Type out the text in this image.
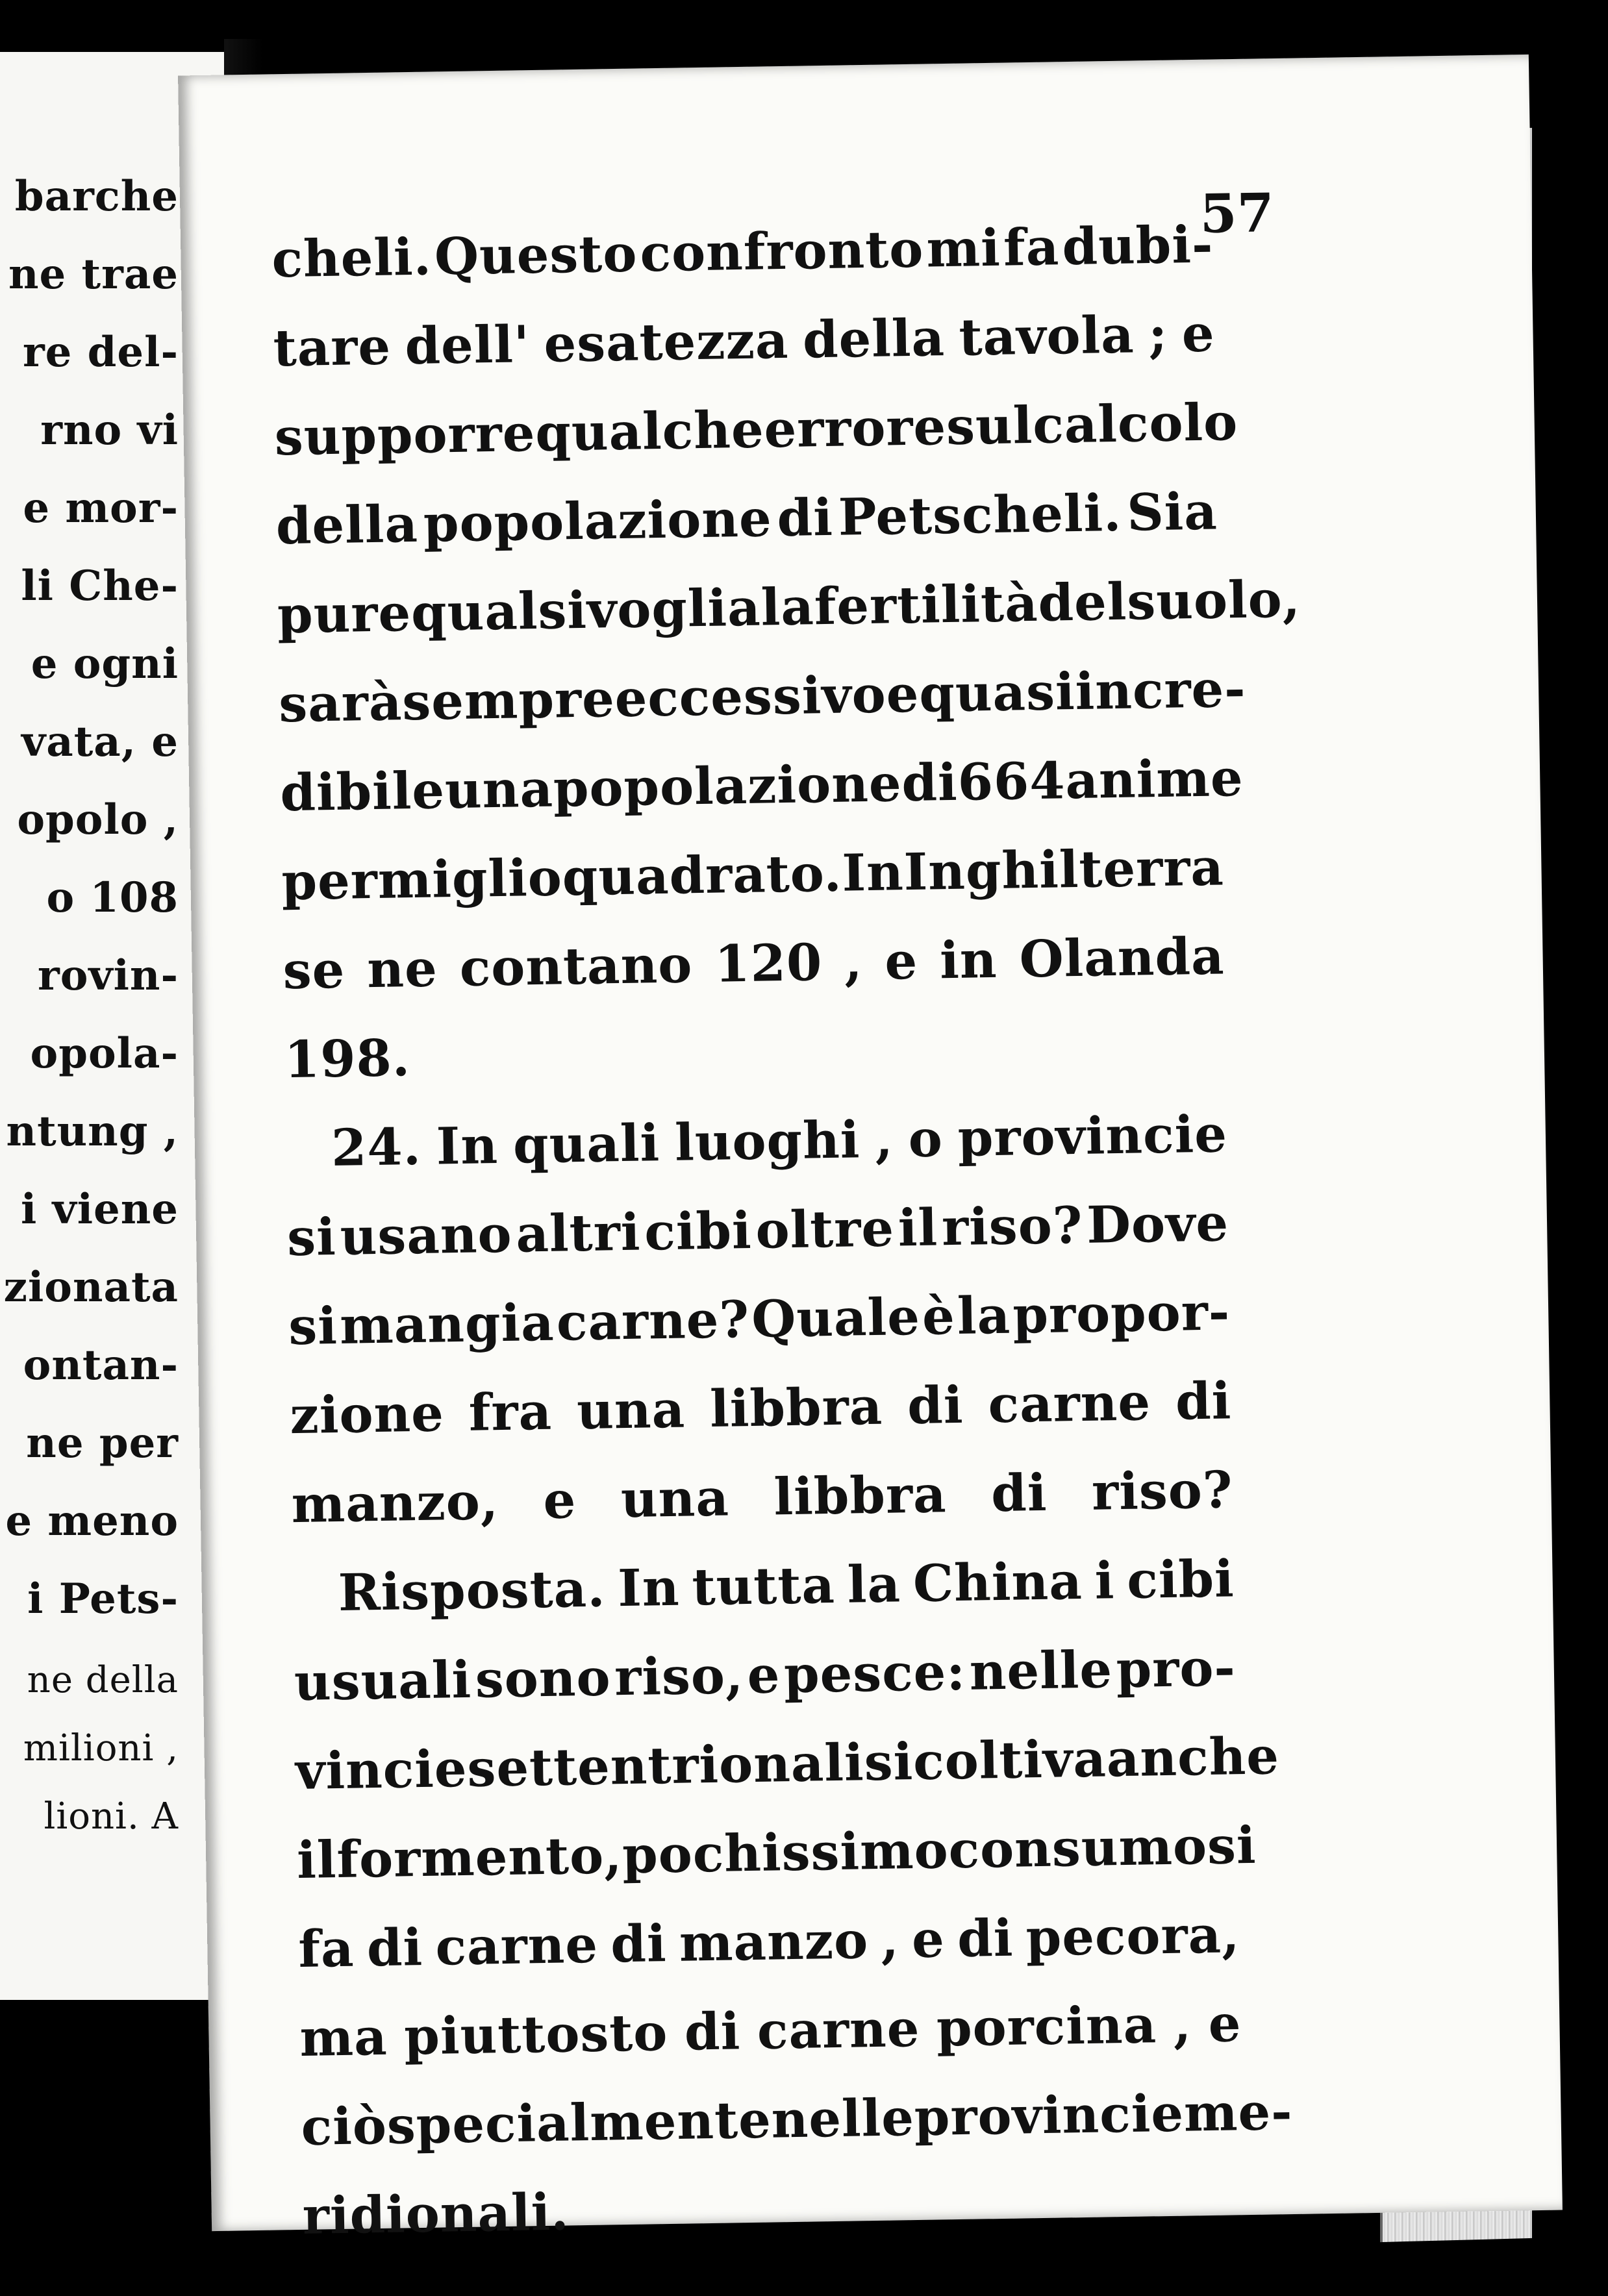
barche
ne trae
re del-
rno vi
e mor-
li Che-
e ogni
vata, e
opolo ,
o 108
rovin-
opola-
ntung ,
i viene
zionata
ontan-
ne per
e meno
i Pets-
ne della
milioni ,
lioni. A
57
cheli. Questo confronto mi fa dubi-
tare dell' esatezza della tavola ; e
supporre
qualche
errore
sul
calcolo
della popolazione di Petscheli. Sia
pure
qualsivoglia
la
fertilità
del
suolo,
sarà
sempre
eccessivo
e
quasi
incre-
dibile
una
popolazione
di
664
anime
per
miglio
quadrato.
In
Inghilterra
se ne contano 120 , e in Olanda
198.
24. In quali luoghi , o provincie
si usano altri cibi oltre il riso? Dove
si mangia carne? Quale è la propor-
zione fra una libbra di carne di
manzo, e una libbra di riso?
Risposta. In tutta la China i cibi
usuali sono riso, e pesce: nelle pro-
vincie
settentrionali
si
coltiva
anche
il
formento
,
pochissimo
consumo
si
fa di carne di manzo , e di pecora,
ma piuttosto di carne porcina , e
ciò
specialmente
nelle
provincie
me-
ridionali.
